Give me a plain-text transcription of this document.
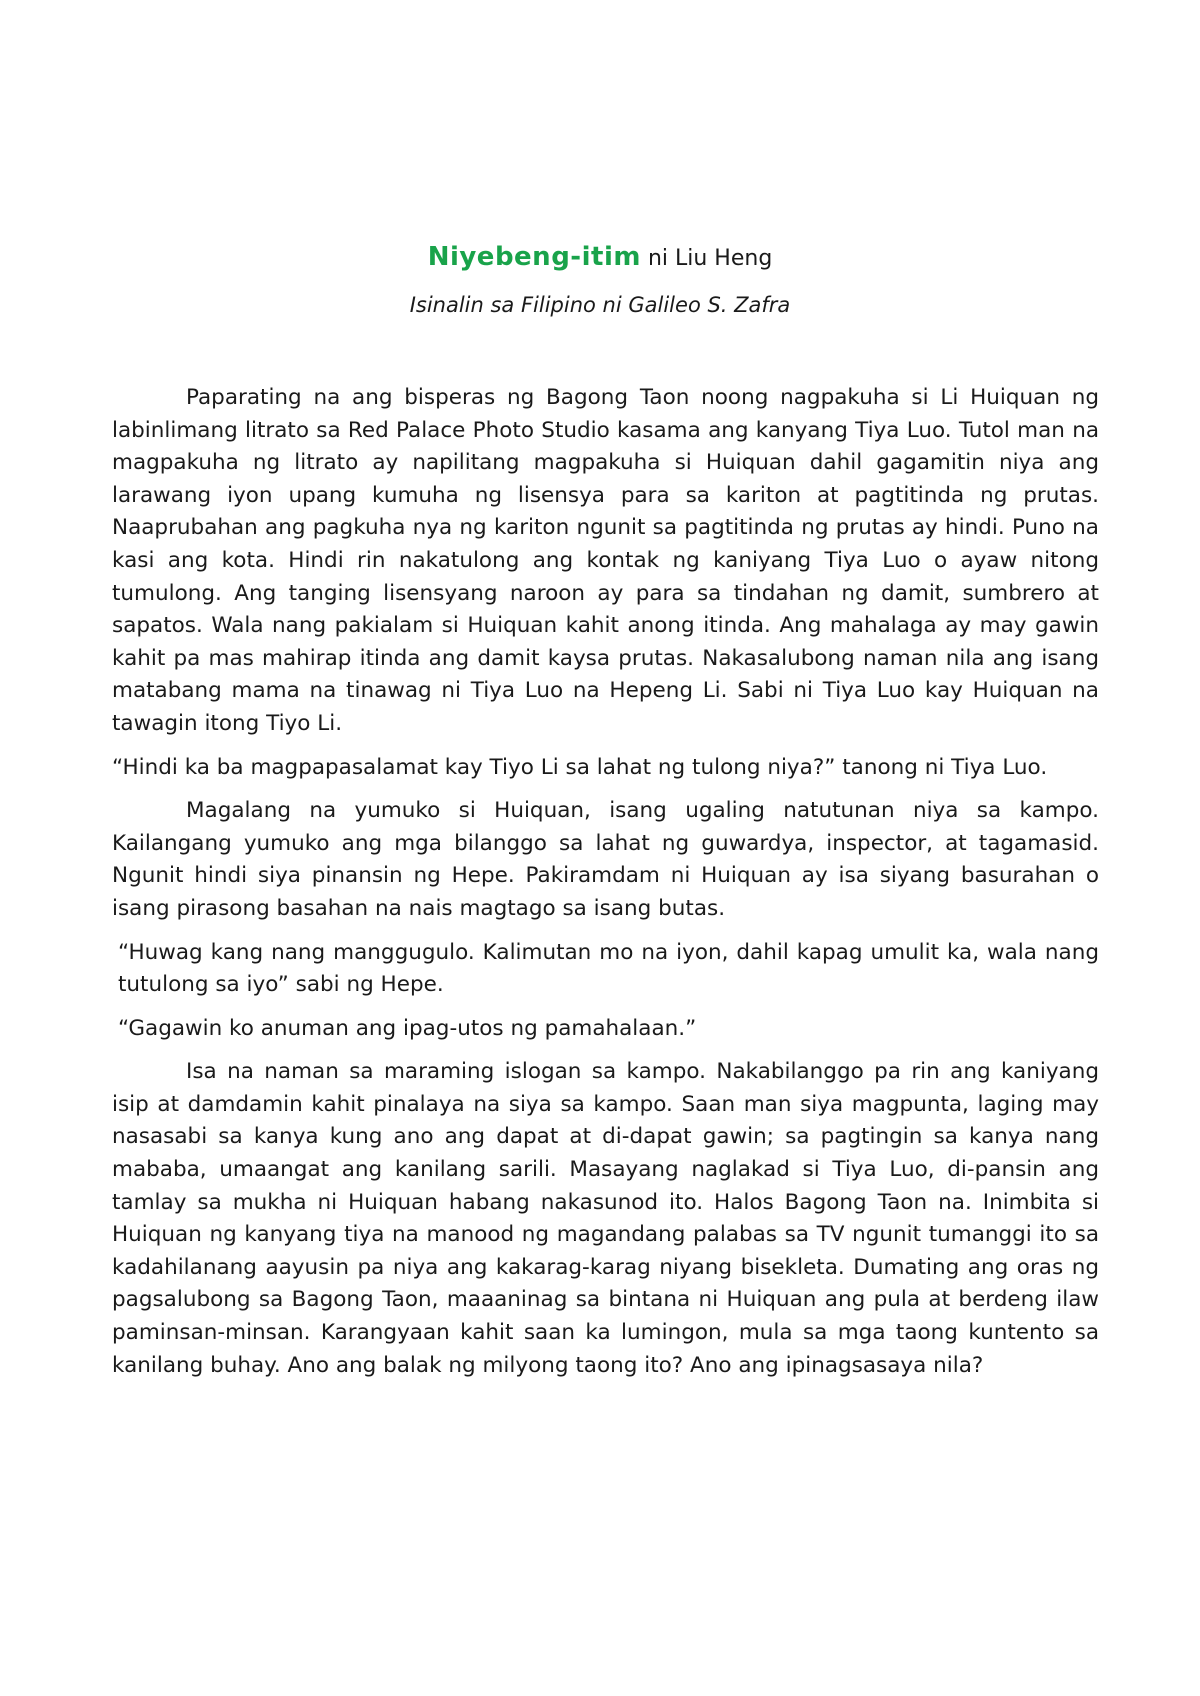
Niyebeng-itim ni Liu Heng
Isinalin sa Filipino ni Galileo S. Zafra

Paparating na ang bisperas ng Bagong Taon noong nagpakuha si Li Huiquan ng labinlimang litrato sa Red Palace Photo Studio kasama ang kanyang Tiya Luo. Tutol man na magpakuha ng litrato ay napilitang magpakuha si Huiquan dahil gagamitin niya ang larawang iyon upang kumuha ng lisensya para sa kariton at pagtitinda ng prutas. Naaprubahan ang pagkuha nya ng kariton ngunit sa pagtitinda ng prutas ay hindi. Puno na kasi ang kota. Hindi rin nakatulong ang kontak ng kaniyang Tiya Luo o ayaw nitong tumulong. Ang tanging lisensyang naroon ay para sa tindahan ng damit, sumbrero at sapatos. Wala nang pakialam si Huiquan kahit anong itinda. Ang mahalaga ay may gawin kahit pa mas mahirap itinda ang damit kaysa prutas. Nakasalubong naman nila ang isang matabang mama na tinawag ni Tiya Luo na Hepeng Li. Sabi ni Tiya Luo kay Huiquan na tawagin itong Tiyo Li.

“Hindi ka ba magpapasalamat kay Tiyo Li sa lahat ng tulong niya?” tanong ni Tiya Luo.

Magalang na yumuko si Huiquan, isang ugaling natutunan niya sa kampo. Kailangang yumuko ang mga bilanggo sa lahat ng guwardya, inspector, at tagamasid. Ngunit hindi siya pinansin ng Hepe. Pakiramdam ni Huiquan ay isa siyang basurahan o isang pirasong basahan na nais magtago sa isang butas.

“Huwag kang nang manggugulo. Kalimutan mo na iyon, dahil kapag umulit ka, wala nang tutulong sa iyo” sabi ng Hepe.

“Gagawin ko anuman ang ipag-utos ng pamahalaan.”

Isa na naman sa maraming islogan sa kampo. Nakabilanggo pa rin ang kaniyang isip at damdamin kahit pinalaya na siya sa kampo. Saan man siya magpunta, laging may nasasabi sa kanya kung ano ang dapat at di-dapat gawin; sa pagtingin sa kanya nang mababa, umaangat ang kanilang sarili. Masayang naglakad si Tiya Luo, di-pansin ang tamlay sa mukha ni Huiquan habang nakasunod ito. Halos Bagong Taon na. Inimbita si Huiquan ng kanyang tiya na manood ng magandang palabas sa TV ngunit tumanggi ito sa kadahilanang aayusin pa niya ang kakarag-karag niyang bisekleta. Dumating ang oras ng pagsalubong sa Bagong Taon, maaaninag sa bintana ni Huiquan ang pula at berdeng ilaw paminsan-minsan. Karangyaan kahit saan ka lumingon, mula sa mga taong kuntento sa kanilang buhay. Ano ang balak ng milyong taong ito? Ano ang ipinagsasaya nila?
